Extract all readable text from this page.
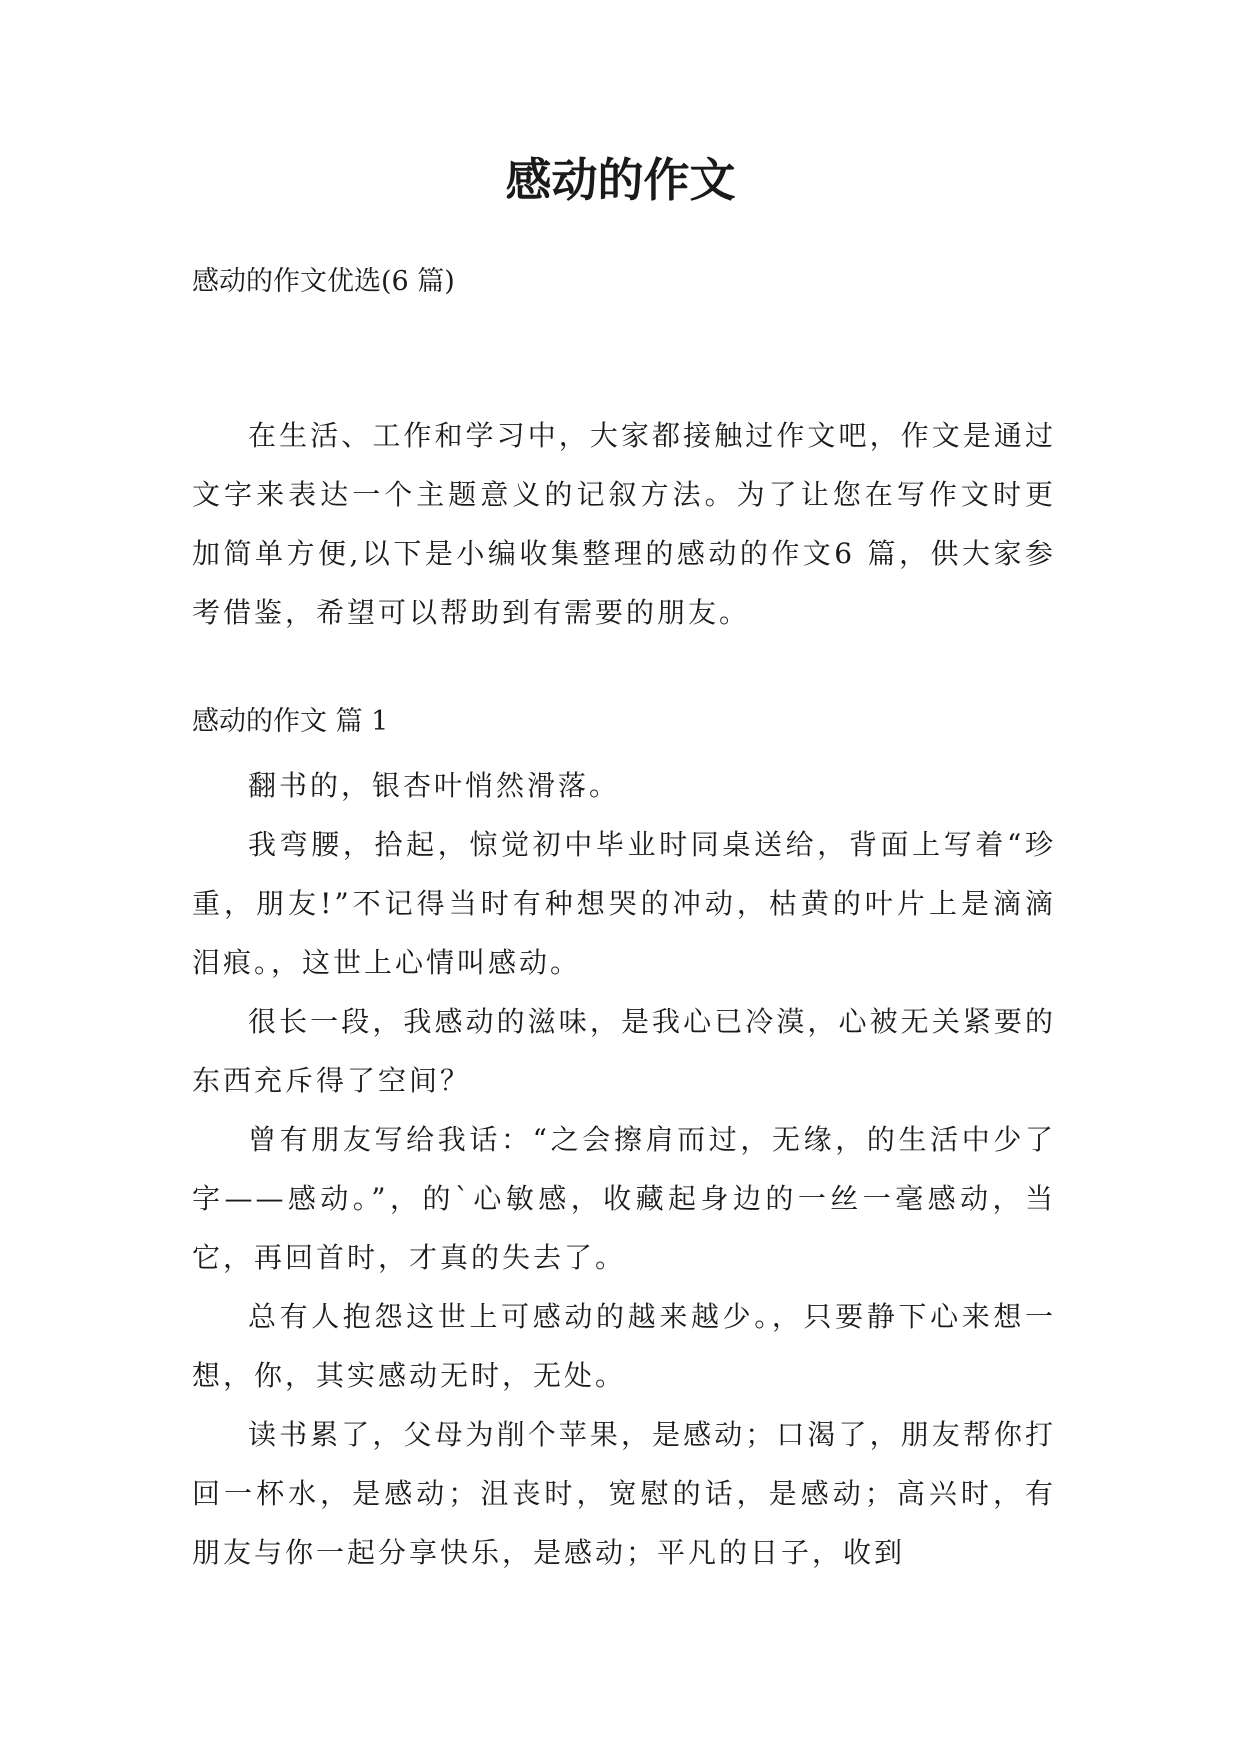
感动的作文

感动的作文优选(6 篇)

在生活、工作和学习中，大家都接触过作文吧，作文是通过文字来表达一个主题意义的记叙方法。为了让您在写作文时更加简单方便,以下是小编收集整理的感动的作文6 篇，供大家参考借鉴，希望可以帮助到有需要的朋友。

感动的作文 篇 1

翻书的，银杏叶悄然滑落。

我弯腰，拾起，惊觉初中毕业时同桌送给，背面上写着“珍重，朋友!”不记得当时有种想哭的冲动，枯黄的叶片上是滴滴泪痕。，这世上心情叫感动。

很长一段，我感动的滋味，是我心已冷漠，心被无关紧要的东西充斥得了空间？

曾有朋友写给我话：“之会擦肩而过，无缘，的生活中少了字——感动。”，的`心敏感，收藏起身边的一丝一毫感动，当它，再回首时，才真的失去了。

总有人抱怨这世上可感动的越来越少。，只要静下心来想一想，你，其实感动无时，无处。

读书累了，父母为削个苹果，是感动；口渴了，朋友帮你打回一杯水，是感动；沮丧时，宽慰的话，是感动；高兴时，有朋友与你一起分享快乐，是感动；平凡的日子，收到
